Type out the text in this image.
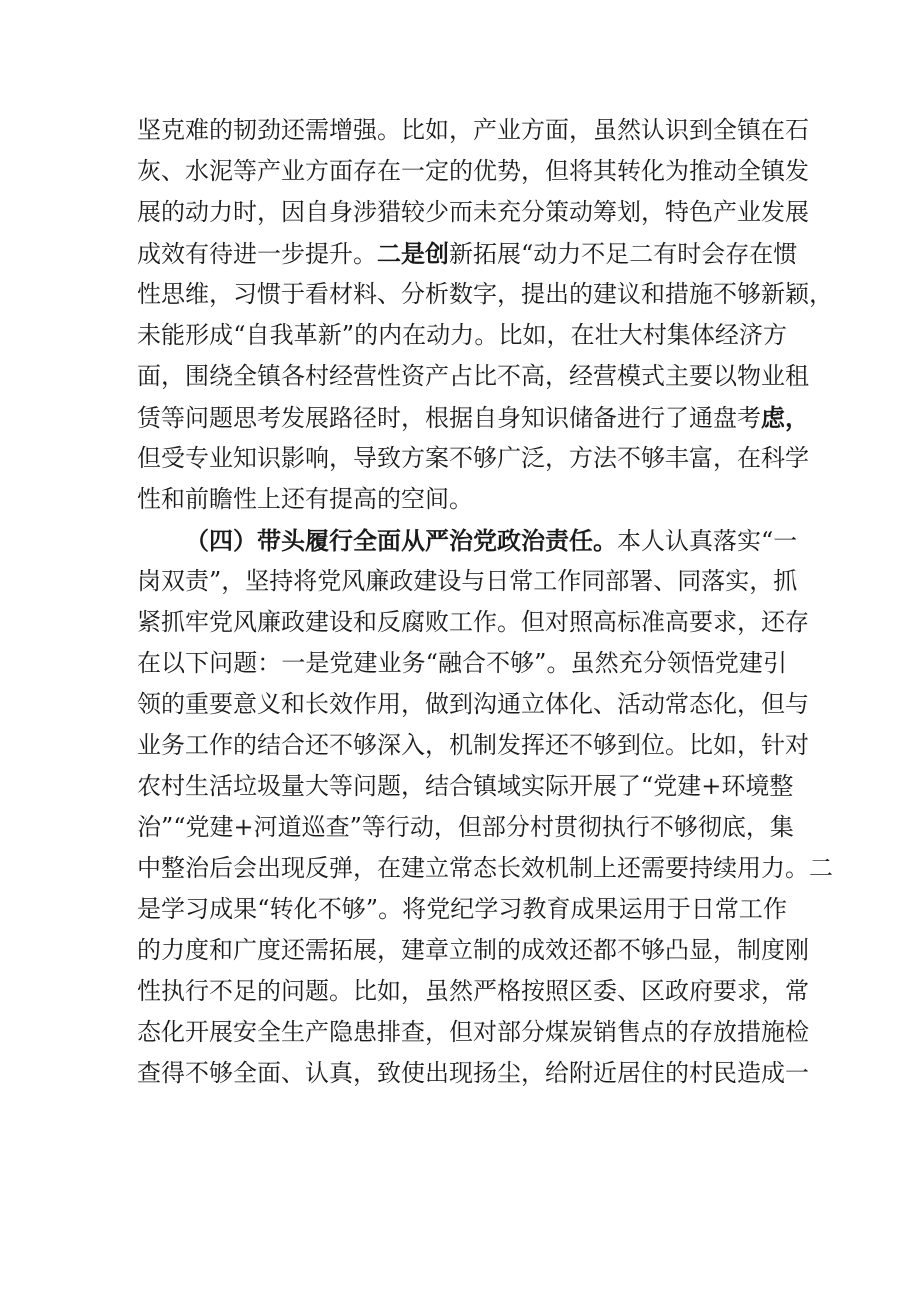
坚克难的韧劲还需增强。比如，产业方面，虽然认识到全镇在石
灰、水泥等产业方面存在一定的优势，但将其转化为推动全镇发
展的动力时，因自身涉猎较少而未充分策动筹划，特色产业发展
成效有待进一步提升。二是创新拓展“动力不足二有时会存在惯
性思维，习惯于看材料、分析数字，提出的建议和措施不够新颖，
未能形成“自我革新”的内在动力。比如，在壮大村集体经济方
面，围绕全镇各村经营性资产占比不高，经营模式主要以物业租
赁等问题思考发展路径时，根据自身知识储备进行了通盘考虑，
但受专业知识影响，导致方案不够广泛，方法不够丰富，在科学
性和前瞻性上还有提高的空间。
（四）带头履行全面从严治党政治责任。本人认真落实“一
岗双责”，坚持将党风廉政建设与日常工作同部署、同落实，抓
紧抓牢党风廉政建设和反腐败工作。但对照高标准高要求，还存
在以下问题：一是党建业务“融合不够”。虽然充分领悟党建引
领的重要意义和长效作用，做到沟通立体化、活动常态化，但与
业务工作的结合还不够深入，机制发挥还不够到位。比如，针对
农村生活垃圾量大等问题，结合镇域实际开展了“党建+环境整
治”“党建+河道巡查”等行动，但部分村贯彻执行不够彻底，集
中整治后会出现反弹，在建立常态长效机制上还需要持续用力。二
是学习成果“转化不够”。将党纪学习教育成果运用于日常工作
的力度和广度还需拓展，建章立制的成效还都不够凸显，制度刚
性执行不足的问题。比如，虽然严格按照区委、区政府要求，常
态化开展安全生产隐患排查，但对部分煤炭销售点的存放措施检
查得不够全面、认真，致使出现扬尘，给附近居住的村民造成一
